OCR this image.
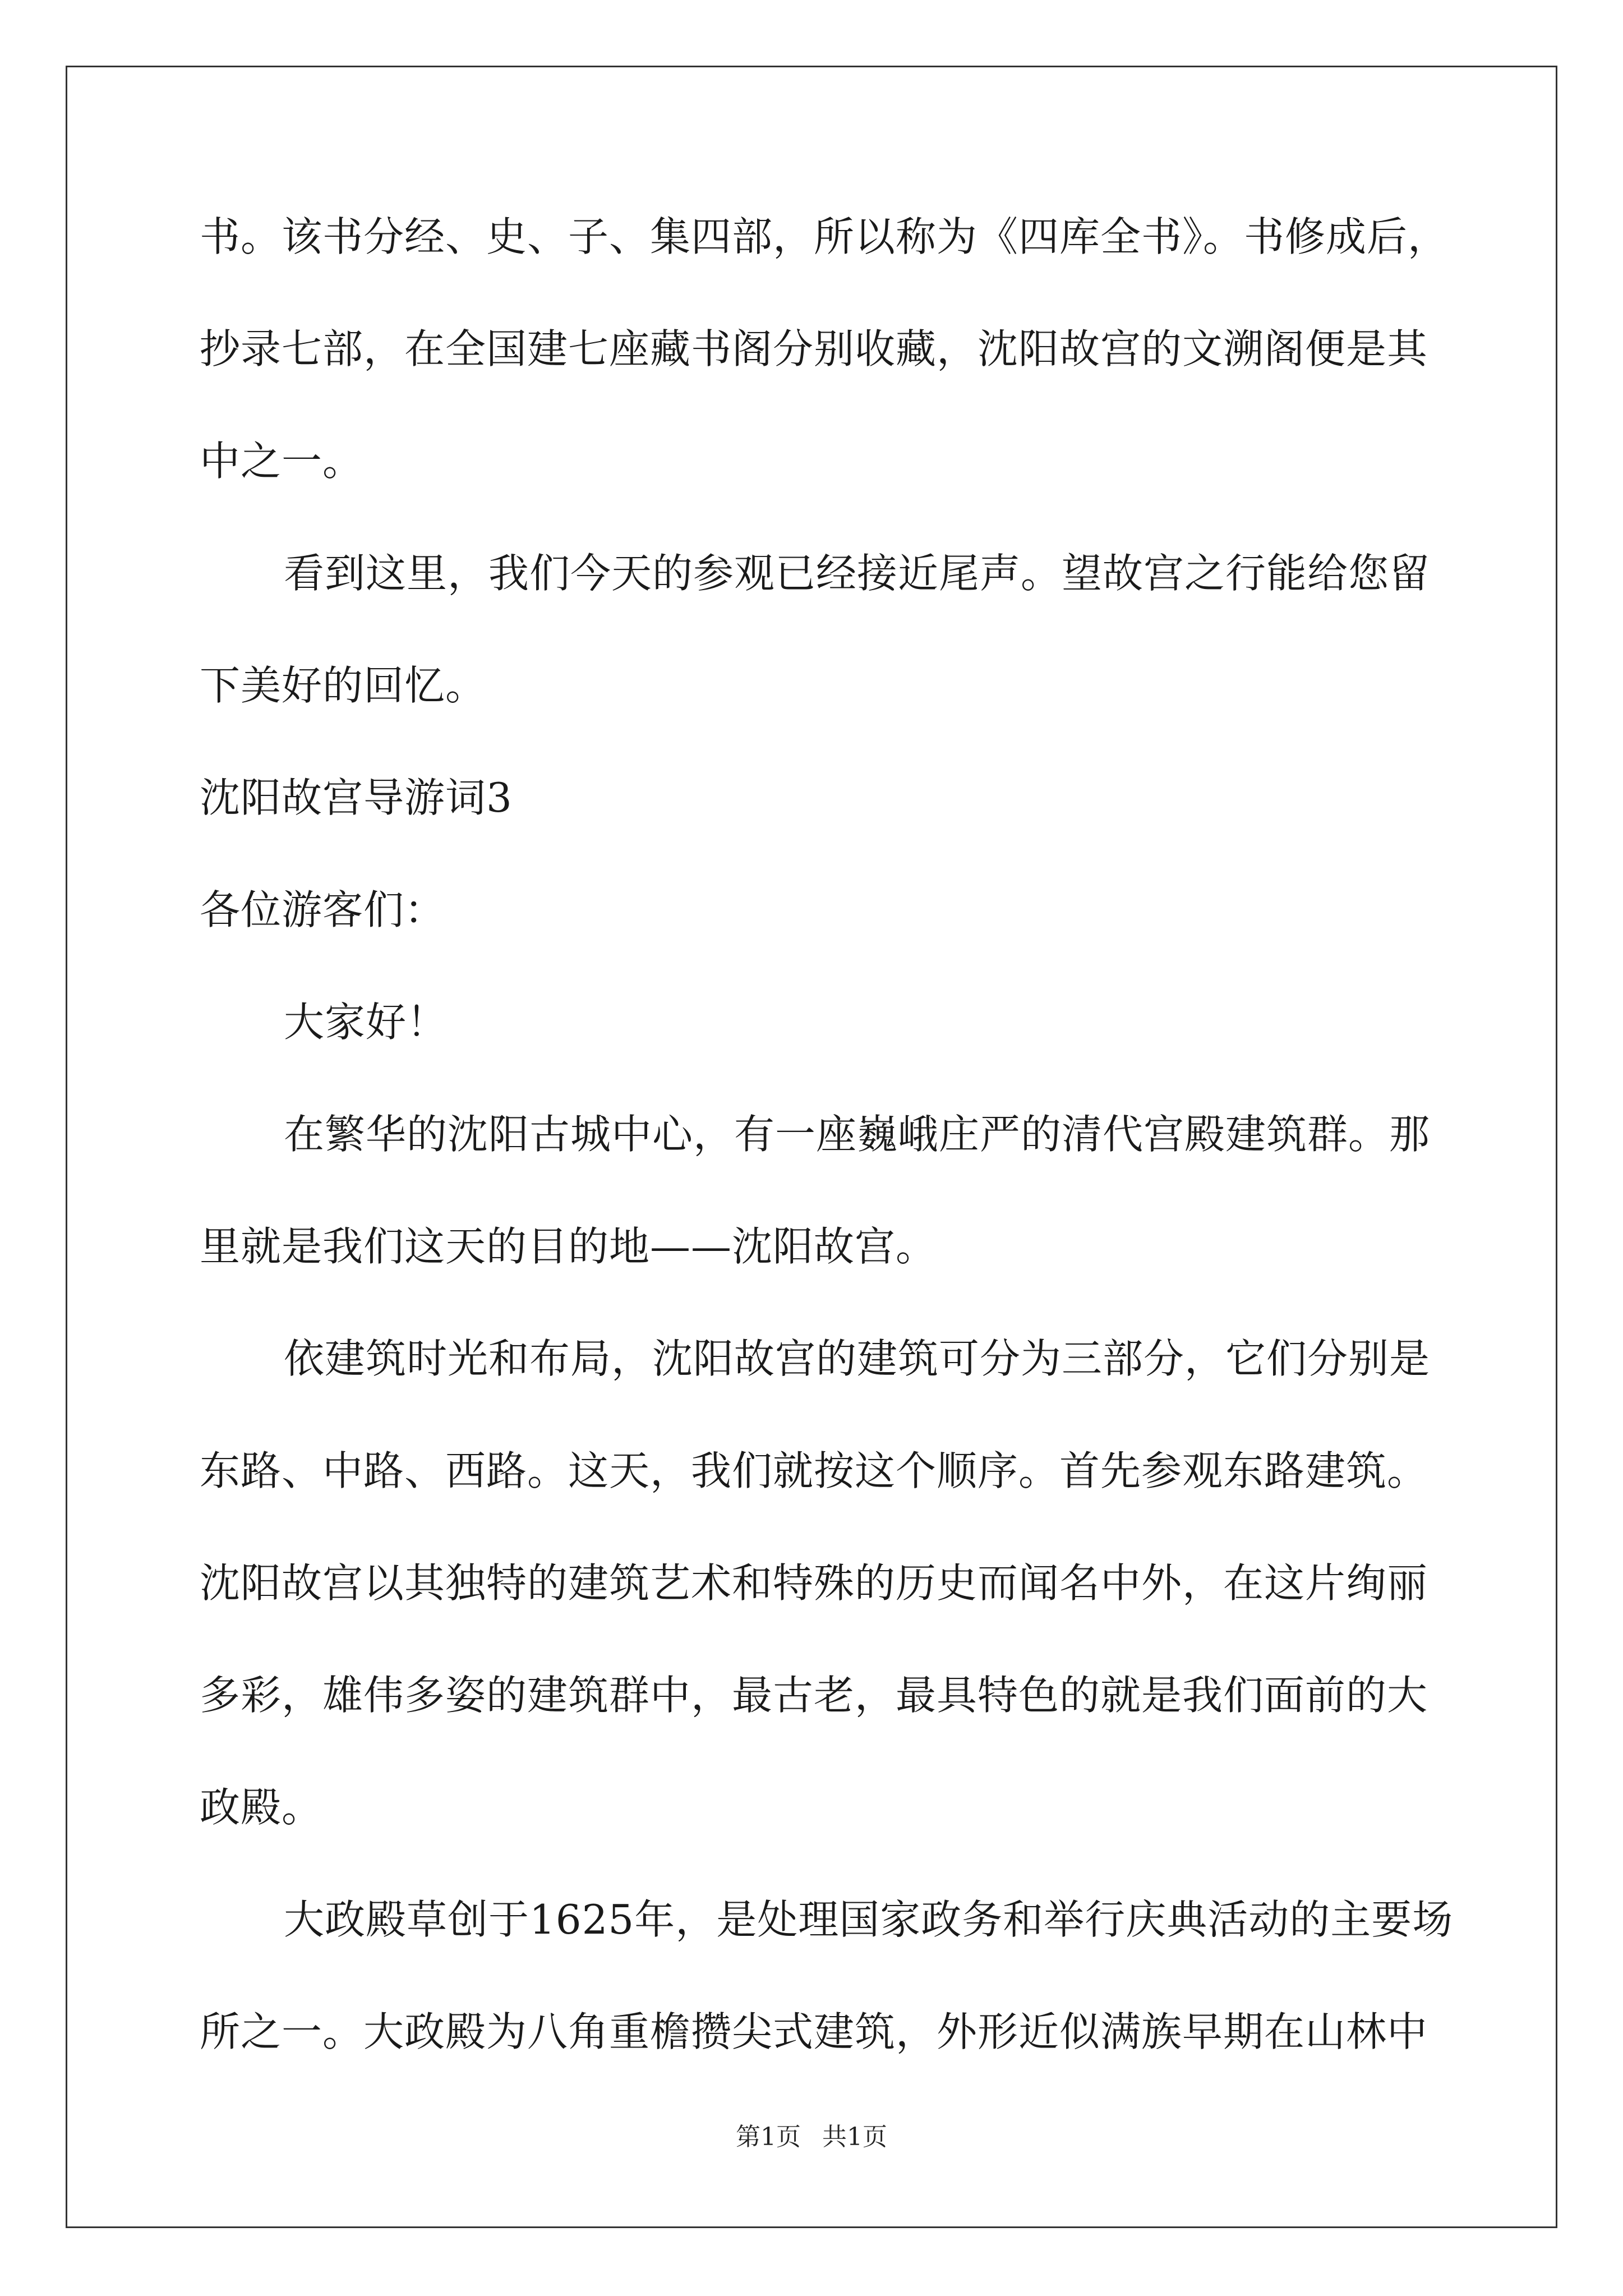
书。该书分经、史、子、集四部，所以称为《四库全书》。书修成后，
抄录七部，在全国建七座藏书阁分别收藏，沈阳故宫的文溯阁便是其
中之一。
看到这里，我们今天的参观已经接近尾声。望故宫之行能给您留
下美好的回忆。
沈阳故宫导游词3
各位游客们：
大家好！
在繁华的沈阳古城中心，有一座巍峨庄严的清代宫殿建筑群。那
里就是我们这天的目的地——沈阳故宫。
依建筑时光和布局，沈阳故宫的建筑可分为三部分，它们分别是
东路、中路、西路。这天，我们就按这个顺序。首先参观东路建筑。
沈阳故宫以其独特的建筑艺术和特殊的历史而闻名中外，在这片绚丽
多彩，雄伟多姿的建筑群中，最古老，最具特色的就是我们面前的大
政殿。
大政殿草创于1625年，是处理国家政务和举行庆典活动的主要场
所之一。大政殿为八角重檐攒尖式建筑，外形近似满族早期在山林中
第1页 共1页
